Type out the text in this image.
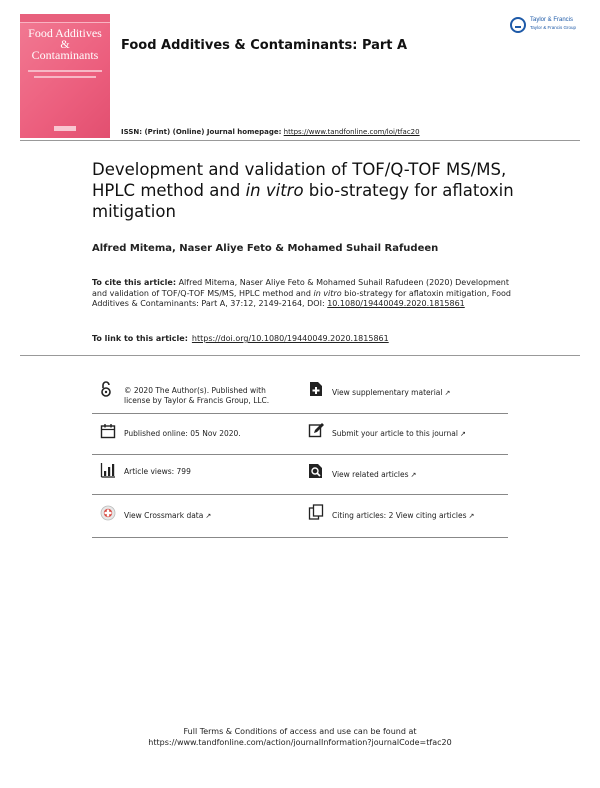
Food Additives
&
Contaminants
Food Additives & Contaminants: Part A
Taylor & Francis
Taylor & Francis Group
ISSN: (Print) (Online) Journal homepage: https://www.tandfonline.com/loi/tfac20
Development and validation of TOF/Q-TOF MS/MS, HPLC method and in vitro bio-strategy for aflatoxin mitigation
Alfred Mitema, Naser Aliye Feto & Mohamed Suhail Rafudeen
To cite this article: Alfred Mitema, Naser Aliye Feto & Mohamed Suhail Rafudeen (2020) Development and validation of TOF/Q-TOF MS/MS, HPLC method and in vitro bio-strategy for aflatoxin mitigation, Food Additives & Contaminants: Part A, 37:12, 2149-2164, DOI: 10.1080/19440049.2020.1815861
To link to this article: https://doi.org/10.1080/19440049.2020.1815861
© 2020 The Author(s). Published with license by Taylor & Francis Group, LLC.
Published online: 05 Nov 2020.
Article views: 799
View Crossmark data ↗
View supplementary material ↗
Submit your article to this journal ↗
View related articles ↗
Citing articles: 2 View citing articles ↗
Full Terms & Conditions of access and use can be found at
https://www.tandfonline.com/action/journalInformation?journalCode=tfac20
